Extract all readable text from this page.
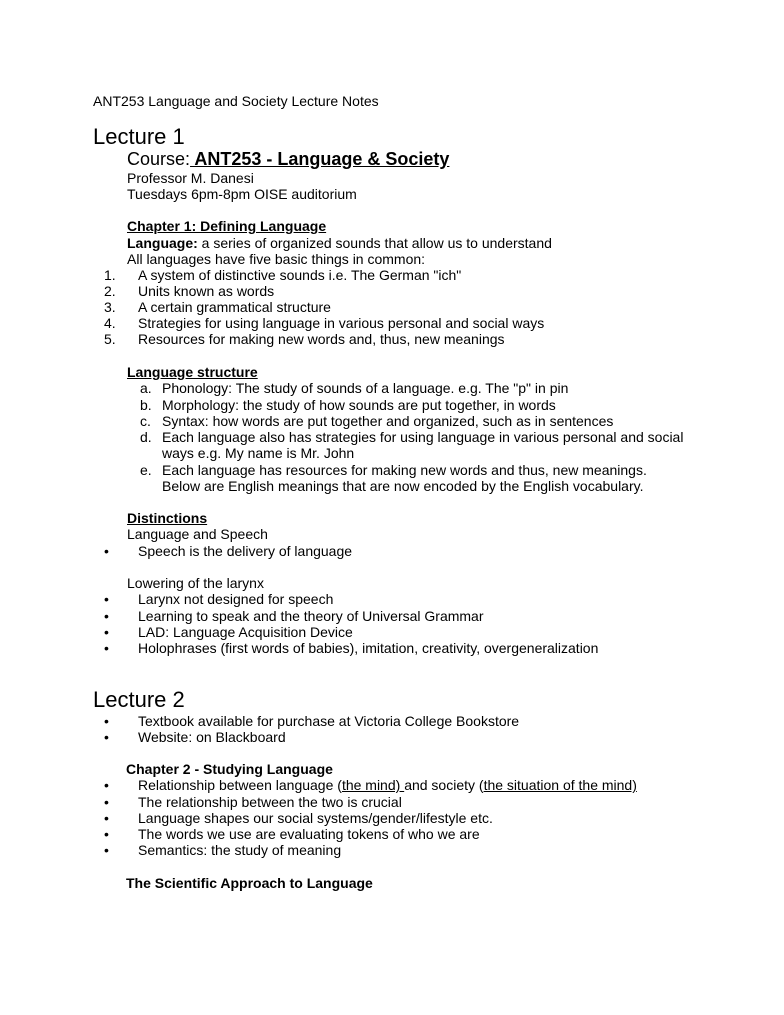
ANT253 Language and Society Lecture Notes
Lecture 1
Course: ANT253 - Language & Society
Professor M. Danesi
Tuesdays 6pm-8pm OISE auditorium
Chapter 1: Defining Language
Language: a series of organized sounds that allow us to understand
All languages have five basic things in common:
1. A system of distinctive sounds i.e. The German "ich"
2. Units known as words
3. A certain grammatical structure
4. Strategies for using language in various personal and social ways
5. Resources for making new words and, thus, new meanings
Language structure
a. Phonology: The study of sounds of a language. e.g. The "p" in pin
b. Morphology: the study of how sounds are put together, in words
c. Syntax: how words are put together and organized, such as in sentences
d. Each language also has strategies for using language in various personal and social
ways e.g. My name is Mr. John
e. Each language has resources for making new words and thus, new meanings.
Below are English meanings that are now encoded by the English vocabulary.
Distinctions
Language and Speech
• Speech is the delivery of language
Lowering of the larynx
• Larynx not designed for speech
• Learning to speak and the theory of Universal Grammar
• LAD: Language Acquisition Device
• Holophrases (first words of babies), imitation, creativity, overgeneralization
Lecture 2
• Textbook available for purchase at Victoria College Bookstore
• Website: on Blackboard
Chapter 2 - Studying Language
• Relationship between language (the mind) and society (the situation of the mind)
• The relationship between the two is crucial
• Language shapes our social systems/gender/lifestyle etc.
• The words we use are evaluating tokens of who we are
• Semantics: the study of meaning
The Scientific Approach to Language
